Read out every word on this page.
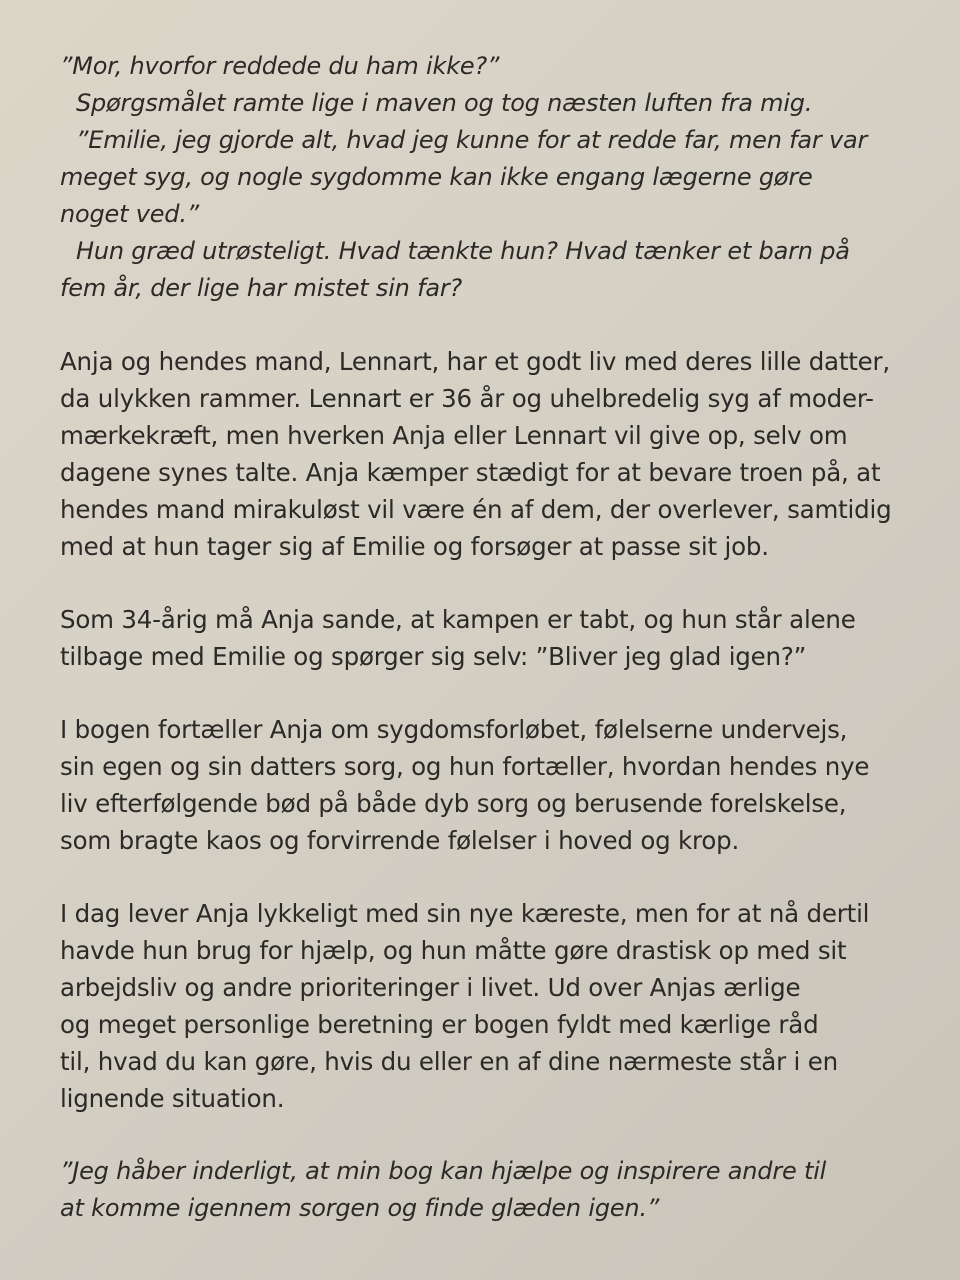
”Mor, hvorfor reddede du ham ikke?”
Spørgsmålet ramte lige i maven og tog næsten luften fra mig.
”Emilie, jeg gjorde alt, hvad jeg kunne for at redde far, men far var
meget syg, og nogle sygdomme kan ikke engang lægerne gøre
noget ved.”
Hun græd utrøsteligt. Hvad tænkte hun? Hvad tænker et barn på
fem år, der lige har mistet sin far?
Anja og hendes mand, Lennart, har et godt liv med deres lille datter,
da ulykken rammer. Lennart er 36 år og uhelbredelig syg af moder-
mærkekræft, men hverken Anja eller Lennart vil give op, selv om
dagene synes talte. Anja kæmper stædigt for at bevare troen på, at
hendes mand mirakuløst vil være én af dem, der overlever, samtidig
med at hun tager sig af Emilie og forsøger at passe sit job.
Som 34-årig må Anja sande, at kampen er tabt, og hun står alene
tilbage med Emilie og spørger sig selv: ”Bliver jeg glad igen?”
I bogen fortæller Anja om sygdomsforløbet, følelserne undervejs,
sin egen og sin datters sorg, og hun fortæller, hvordan hendes nye
liv efterfølgende bød på både dyb sorg og berusende forelskelse,
som bragte kaos og forvirrende følelser i hoved og krop.
I dag lever Anja lykkeligt med sin nye kæreste, men for at nå dertil
havde hun brug for hjælp, og hun måtte gøre drastisk op med sit
arbejdsliv og andre prioriteringer i livet. Ud over Anjas ærlige
og meget personlige beretning er bogen fyldt med kærlige råd
til, hvad du kan gøre, hvis du eller en af dine nærmeste står i en
lignende situation.
”Jeg håber inderligt, at min bog kan hjælpe og inspirere andre til
at komme igennem sorgen og finde glæden igen.”
